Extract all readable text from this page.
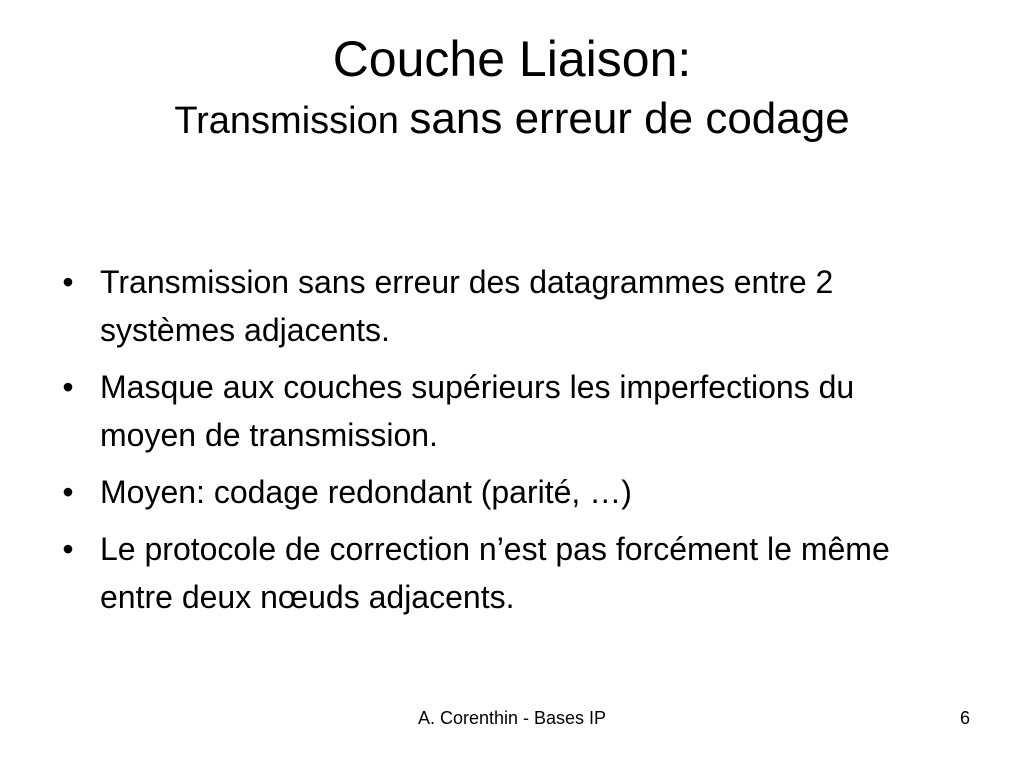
Couche Liaison:
Transmission sans erreur de codage
• Transmission sans erreur des datagrammes entre 2 systèmes adjacents.
• Masque aux couches supérieurs les imperfections du moyen de transmission.
• Moyen: codage redondant (parité, …)
• Le protocole de correction n’est pas forcément le même entre deux nœuds adjacents.
A. Corenthin - Bases IP	6
